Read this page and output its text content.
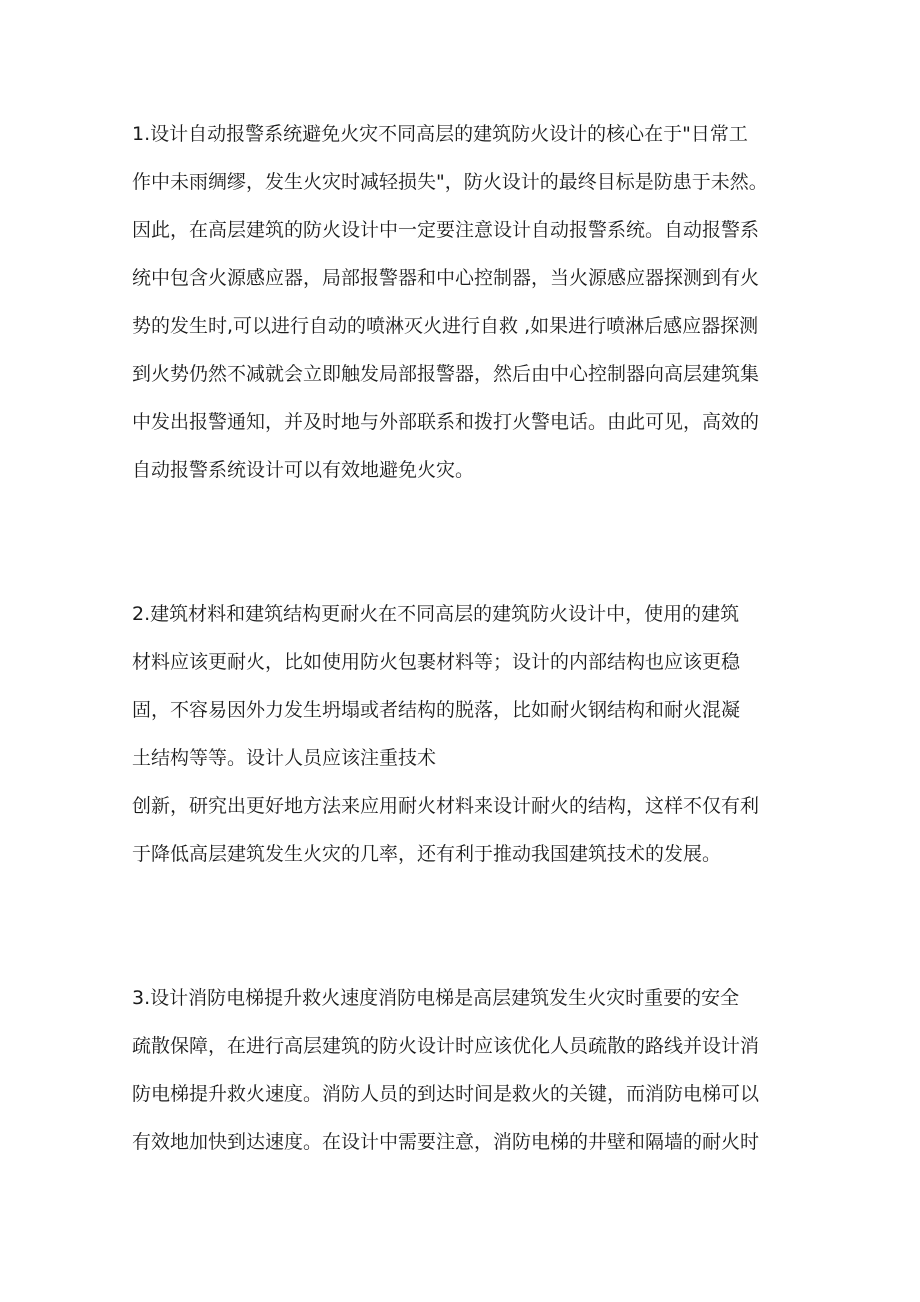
1.设计自动报警系统避免火灾不同高层的建筑防火设计的核心在于"日常工
作中未雨绸缪，发生火灾时减轻损失"，防火设计的最终目标是防患于未然。
因此，在高层建筑的防火设计中一定要注意设计自动报警系统。自动报警系
统中包含火源感应器，局部报警器和中心控制器，当火源感应器探测到有火
势的发生时,可以进行自动的喷淋灭火进行自救 ,如果进行喷淋后感应器探测
到火势仍然不减就会立即触发局部报警器，然后由中心控制器向高层建筑集
中发出报警通知，并及时地与外部联系和拨打火警电话。由此可见，高效的
自动报警系统设计可以有效地避免火灾。
2.建筑材料和建筑结构更耐火在不同高层的建筑防火设计中，使用的建筑
材料应该更耐火，比如使用防火包裹材料等；设计的内部结构也应该更稳
固，不容易因外力发生坍塌或者结构的脱落，比如耐火钢结构和耐火混凝
土结构等等。设计人员应该注重技术
创新，研究出更好地方法来应用耐火材料来设计耐火的结构，这样不仅有利
于降低高层建筑发生火灾的几率，还有利于推动我国建筑技术的发展。
3.设计消防电梯提升救火速度消防电梯是高层建筑发生火灾时重要的安全
疏散保障，在进行高层建筑的防火设计时应该优化人员疏散的路线并设计消
防电梯提升救火速度。消防人员的到达时间是救火的关键，而消防电梯可以
有效地加快到达速度。在设计中需要注意，消防电梯的井壁和隔墙的耐火时
